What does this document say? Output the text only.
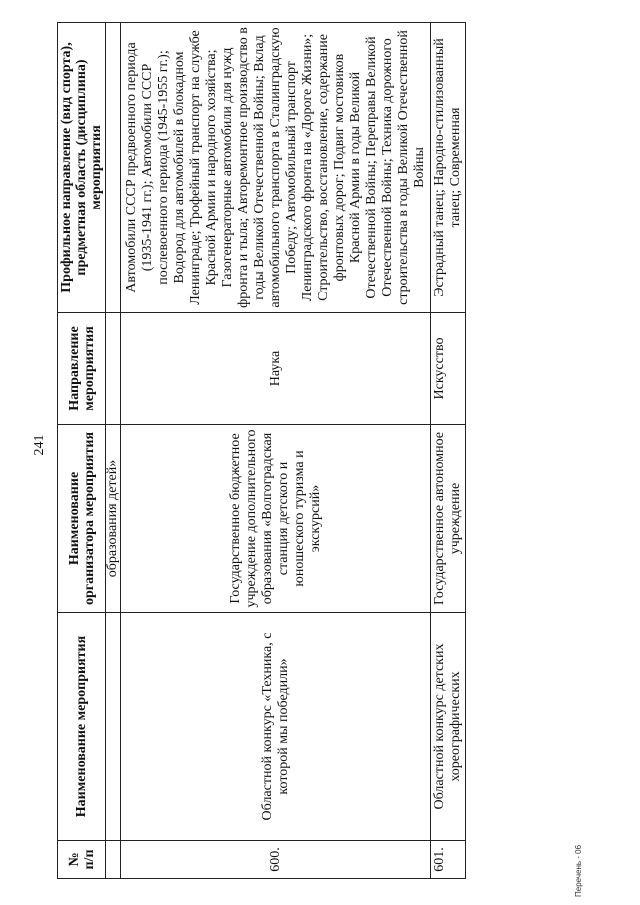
241
№ п/п	Наименование мероприятия	Наименование организатора мероприятия	Направление мероприятия	Профильное направление (вид спорта), предметная область (дисциплина) мероприятия
		образования детей»		
600.	Областной конкурс «Техника, с которой мы победили»	Государственное бюджетное учреждение дополнительного образования «Волгоградская станция детского и юношеского туризма и экскурсий»	Наука	Автомобили СССР предвоенного периода (1935-1941 гг.); Автомобили СССР послевоенного периода (1945-1955 гг.); Водород для автомобилей в блокадном Ленинграде; Трофейный транспорт на службе Красной Армии и народного хозяйства; Газогенераторные автомобили для нужд фронта и тыла; Авторемонтное производство в годы Великой Отечественной Войны; Вклад автомобильного транспорта в Сталинградскую Победу; Автомобильный транспорт Ленинградского фронта на «Дороге Жизни»; Строительство, восстановление, содержание фронтовых дорог; Подвиг мостовиков Красной Армии в годы Великой Отечественной Войны; Переправы Великой Отечественной Войны; Техника дорожного строительства в годы Великой Отечественной Войны
601.	Областной конкурс детских хореографических	Государственное автономное учреждение	Искусство	Эстрадный танец; Народно-стилизованный танец; Современная
Перечень - 06
